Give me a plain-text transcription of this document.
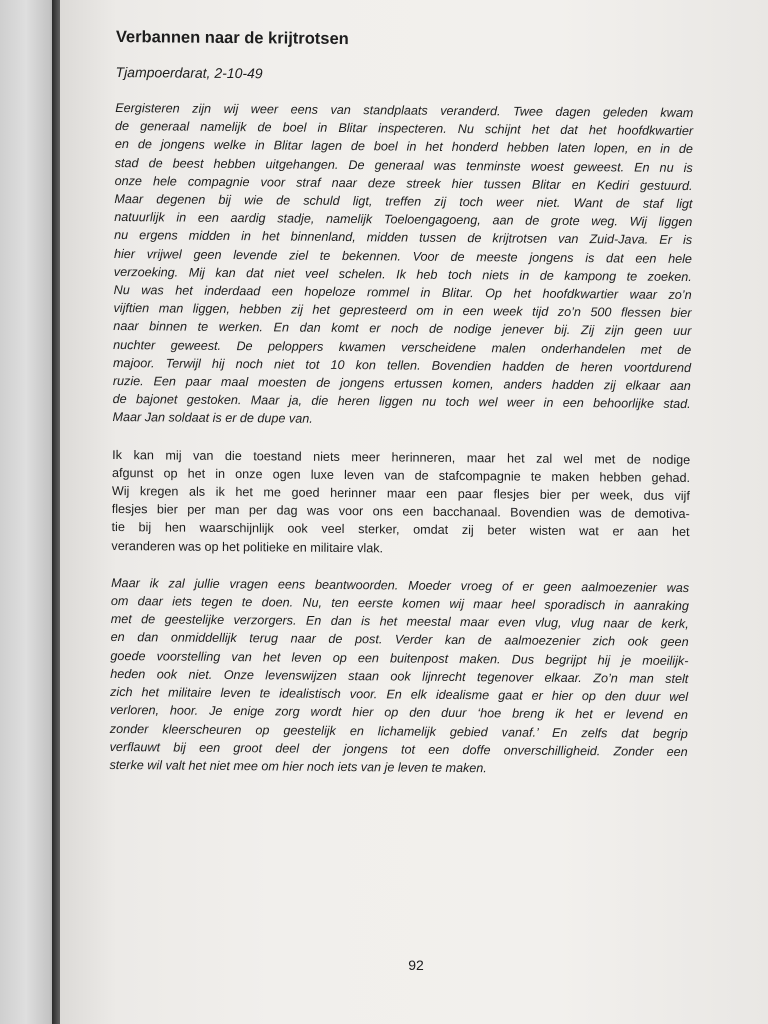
Verbannen naar de krijtrotsen

Tjampoerdarat, 2-10-49

Eergisteren zijn wij weer eens van standplaats veranderd. Twee dagen geleden kwam
de generaal namelijk de boel in Blitar inspecteren. Nu schijnt het dat het hoofdkwartier
en de jongens welke in Blitar lagen de boel in het honderd hebben laten lopen, en in de
stad de beest hebben uitgehangen. De generaal was tenminste woest geweest. En nu is
onze hele compagnie voor straf naar deze streek hier tussen Blitar en Kediri gestuurd.
Maar degenen bij wie de schuld ligt, treffen zij toch weer niet. Want de staf ligt
natuurlijk in een aardig stadje, namelijk Toeloengagoeng, aan de grote weg. Wij liggen
nu ergens midden in het binnenland, midden tussen de krijtrotsen van Zuid-Java. Er is
hier vrijwel geen levende ziel te bekennen. Voor de meeste jongens is dat een hele
verzoeking. Mij kan dat niet veel schelen. Ik heb toch niets in de kampong te zoeken.
Nu was het inderdaad een hopeloze rommel in Blitar. Op het hoofdkwartier waar zo’n
vijftien man liggen, hebben zij het gepresteerd om in een week tijd zo’n 500 flessen bier
naar binnen te werken. En dan komt er noch de nodige jenever bij. Zij zijn geen uur
nuchter geweest. De peloppers kwamen verscheidene malen onderhandelen met de
majoor. Terwijl hij noch niet tot 10 kon tellen. Bovendien hadden de heren voortdurend
ruzie. Een paar maal moesten de jongens ertussen komen, anders hadden zij elkaar aan
de bajonet gestoken. Maar ja, die heren liggen nu toch wel weer in een behoorlijke stad.
Maar Jan soldaat is er de dupe van.
Ik kan mij van die toestand niets meer herinneren, maar het zal wel met de nodige
afgunst op het in onze ogen luxe leven van de stafcompagnie te maken hebben gehad.
Wij kregen als ik het me goed herinner maar een paar flesjes bier per week, dus vijf
flesjes bier per man per dag was voor ons een bacchanaal. Bovendien was de demotiva-
tie bij hen waarschijnlijk ook veel sterker, omdat zij beter wisten wat er aan het
veranderen was op het politieke en militaire vlak.
Maar ik zal jullie vragen eens beantwoorden. Moeder vroeg of er geen aalmoezenier was
om daar iets tegen te doen. Nu, ten eerste komen wij maar heel sporadisch in aanraking
met de geestelijke verzorgers. En dan is het meestal maar even vlug, vlug naar de kerk,
en dan onmiddellijk terug naar de post. Verder kan de aalmoezenier zich ook geen
goede voorstelling van het leven op een buitenpost maken. Dus begrijpt hij je moeilijk-
heden ook niet. Onze levenswijzen staan ook lijnrecht tegenover elkaar. Zo’n man stelt
zich het militaire leven te idealistisch voor. En elk idealisme gaat er hier op den duur wel
verloren, hoor. Je enige zorg wordt hier op den duur ‘hoe breng ik het er levend en
zonder kleerscheuren op geestelijk en lichamelijk gebied vanaf.’ En zelfs dat begrip
verflauwt bij een groot deel der jongens tot een doffe onverschilligheid. Zonder een
sterke wil valt het niet mee om hier noch iets van je leven te maken.
92
